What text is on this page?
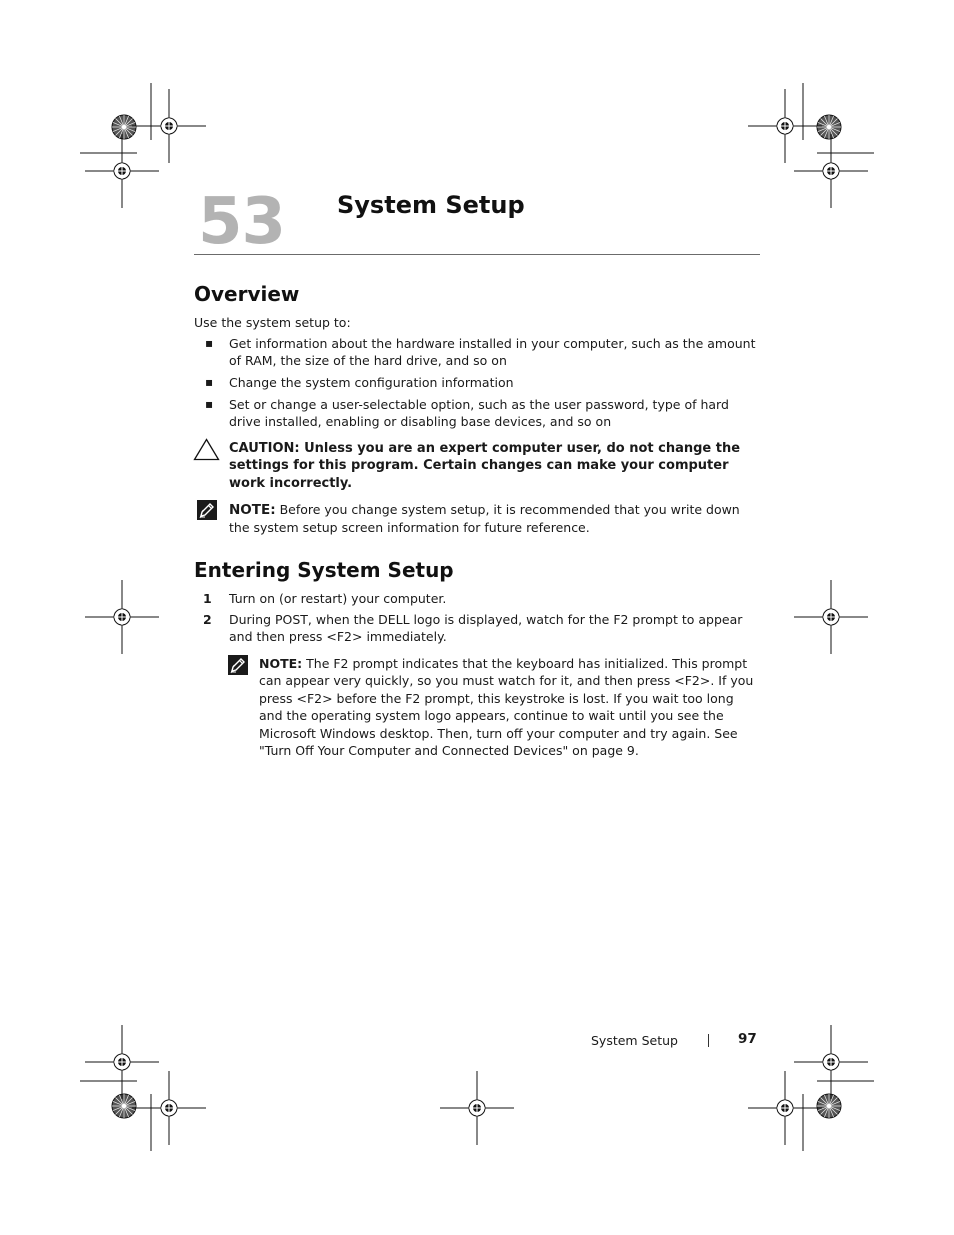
53 System Setup
Overview
Use the system setup to:
▪ Get information about the hardware installed in your computer, such as the amount of RAM, the size of the hard drive, and so on
▪ Change the system configuration information
▪ Set or change a user-selectable option, such as the user password, type of hard drive installed, enabling or disabling base devices, and so on
CAUTION: Unless you are an expert computer user, do not change the settings for this program. Certain changes can make your computer work incorrectly.
NOTE: Before you change system setup, it is recommended that you write down the system setup screen information for future reference.
Entering System Setup
1 Turn on (or restart) your computer.
2 During POST, when the DELL logo is displayed, watch for the F2 prompt to appear and then press <F2> immediately.
NOTE: The F2 prompt indicates that the keyboard has initialized. This prompt can appear very quickly, so you must watch for it, and then press <F2>. If you press <F2> before the F2 prompt, this keystroke is lost. If you wait too long and the operating system logo appears, continue to wait until you see the Microsoft Windows desktop. Then, turn off your computer and try again. See "Turn Off Your Computer and Connected Devices" on page 9.
System Setup	97
